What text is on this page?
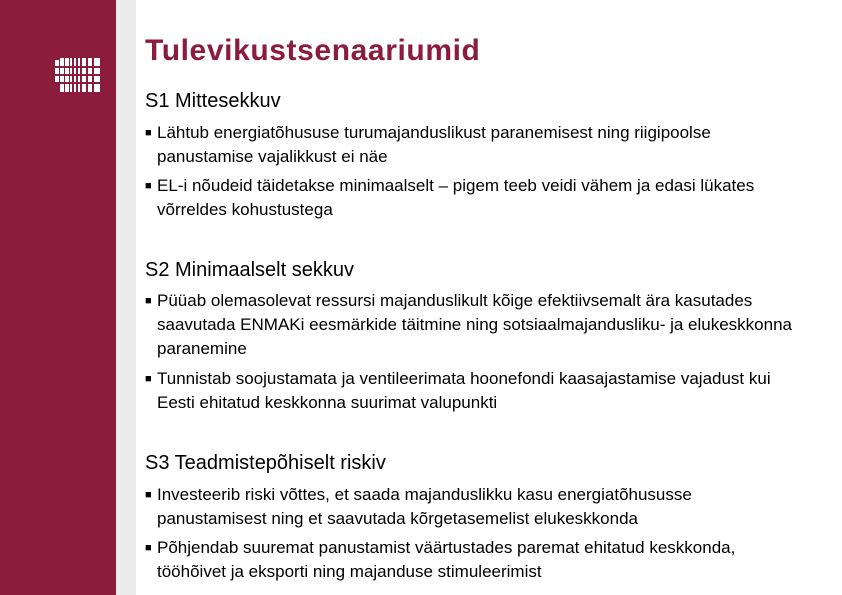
Tulevikustsenaariumid
S1 Mittesekkuv
■ Lähtub energiatõhususe turumajanduslikust paranemisest ning riigipoolse panustamise vajalikkust ei näe
■ EL-i nõudeid täidetakse minimaalselt – pigem teeb veidi vähem ja edasi lükates võrreldes kohustustega
S2 Minimaalselt sekkuv
■ Püüab olemasolevat ressursi majanduslikult kõige efektiivsemalt ära kasutades saavutada ENMAKi eesmärkide täitmine ning sotsiaalmajandusliku- ja elukeskkonna paranemine
■ Tunnistab soojustamata ja ventileerimata hoonefondi kaasajastamise vajadust kui Eesti ehitatud keskkonna suurimat valupunkti
S3 Teadmistepõhiselt riskiv
■ Investeerib riski võttes, et saada majanduslikku kasu energiatõhususse panustamisest ning et saavutada kõrgetasemelist elukeskkonda
■ Põhjendab suuremat panustamist väärtustades paremat ehitatud keskkonda, tööhõivet ja eksporti ning majanduse stimuleerimist
